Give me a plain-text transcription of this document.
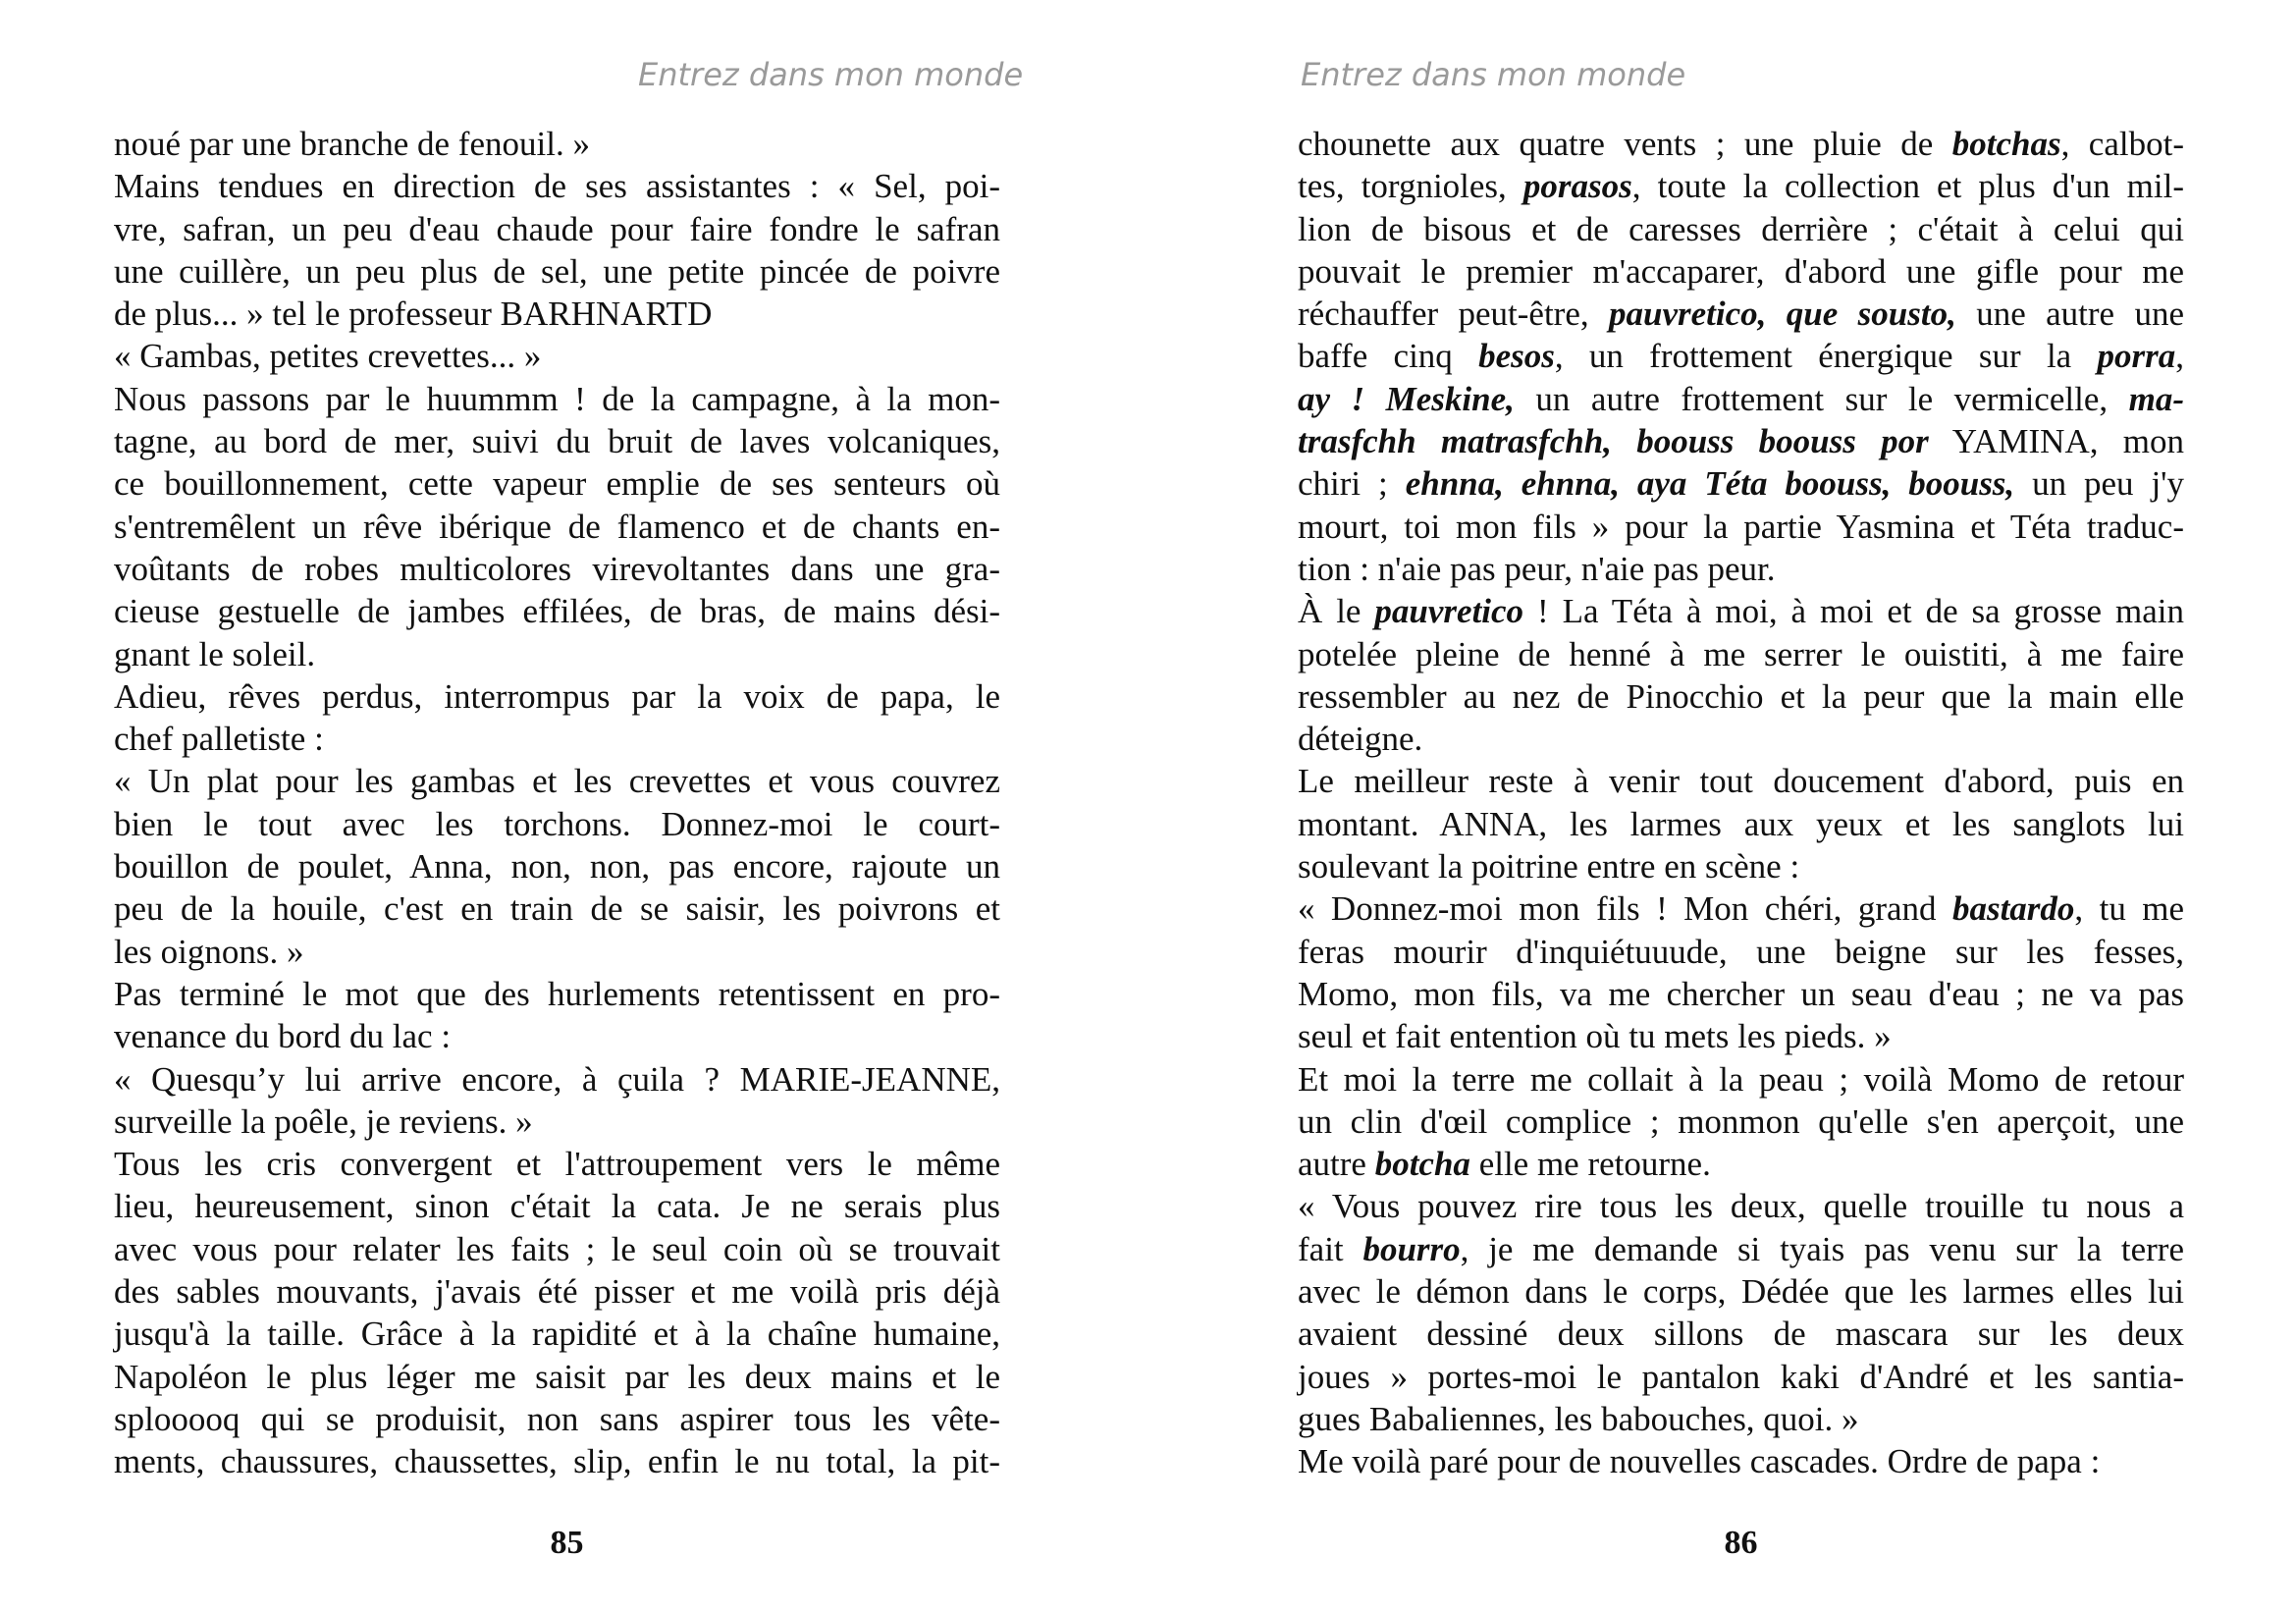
Entrez dans mon monde
noué par une branche de fenouil. »
Mains tendues en direction de ses assistantes : « Sel, poi-
vre, safran, un peu d'eau chaude pour faire fondre le safran
une cuillère, un peu plus de sel, une petite pincée de poivre
de plus... » tel le professeur BARHNARTD
« Gambas, petites crevettes... »
Nous passons par le huummm ! de la campagne, à la mon-
tagne, au bord de mer, suivi du bruit de laves volcaniques,
ce bouillonnement, cette vapeur emplie de ses senteurs où
s'entremêlent un rêve ibérique de flamenco et de chants en-
voûtants de robes multicolores virevoltantes dans une gra-
cieuse gestuelle de jambes effilées, de bras, de mains dési-
gnant le soleil.
Adieu, rêves perdus, interrompus par la voix de papa, le
chef palletiste :
« Un plat pour les gambas et les crevettes et vous couvrez
bien le tout avec les torchons. Donnez-moi le court-
bouillon de poulet, Anna, non, non, pas encore, rajoute un
peu de la houile, c'est en train de se saisir, les poivrons et
les oignons. »
Pas terminé le mot que des hurlements retentissent en pro-
venance du bord du lac :
« Quesqu’y lui arrive encore, à çuila ? MARIE-JEANNE,
surveille la poêle, je reviens. »
Tous les cris convergent et l'attroupement vers le même
lieu, heureusement, sinon c'était la cata. Je ne serais plus
avec vous pour relater les faits ; le seul coin où se trouvait
des sables mouvants, j'avais été pisser et me voilà pris déjà
jusqu'à la taille. Grâce à la rapidité et à la chaîne humaine,
Napoléon le plus léger me saisit par les deux mains et le
splooooq qui se produisit, non sans aspirer tous les vête-
ments, chaussures, chaussettes, slip, enfin le nu total, la pit-
85
Entrez dans mon monde
chounette aux quatre vents ; une pluie de botchas, calbot-
tes, torgnioles, porasos, toute la collection et plus d'un mil-
lion de bisous et de caresses derrière ; c'était à celui qui
pouvait le premier m'accaparer, d'abord une gifle pour me
réchauffer peut-être, pauvretico, que sousto, une autre une
baffe cinq besos, un frottement énergique sur la porra,
ay ! Meskine, un autre frottement sur le vermicelle, ma-
trasfchh matrasfchh, boouss boouss por YAMINA, mon
chiri ; ehnna, ehnna, aya Téta boouss, boouss, un peu j'y
mourt, toi mon fils » pour la partie Yasmina et Téta traduc-
tion : n'aie pas peur, n'aie pas peur.
À le pauvretico ! La Téta à moi, à moi et de sa grosse main
potelée pleine de henné à me serrer le ouistiti, à me faire
ressembler au nez de Pinocchio et la peur que la main elle
déteigne.
Le meilleur reste à venir tout doucement d'abord, puis en
montant. ANNA, les larmes aux yeux et les sanglots lui
soulevant la poitrine entre en scène :
« Donnez-moi mon fils ! Mon chéri, grand bastardo, tu me
feras mourir d'inquiétuuude, une beigne sur les fesses,
Momo, mon fils, va me chercher un seau d'eau ; ne va pas
seul et fait entention où tu mets les pieds. »
Et moi la terre me collait à la peau ; voilà Momo de retour
un clin d'œil complice ; monmon qu'elle s'en aperçoit, une
autre botcha elle me retourne.
« Vous pouvez rire tous les deux, quelle trouille tu nous a
fait bourro, je me demande si tyais pas venu sur la terre
avec le démon dans le corps, Dédée que les larmes elles lui
avaient dessiné deux sillons de mascara sur les deux
joues » portes-moi le pantalon kaki d'André et les santia-
gues Babaliennes, les babouches, quoi. »
Me voilà paré pour de nouvelles cascades. Ordre de papa :
86
